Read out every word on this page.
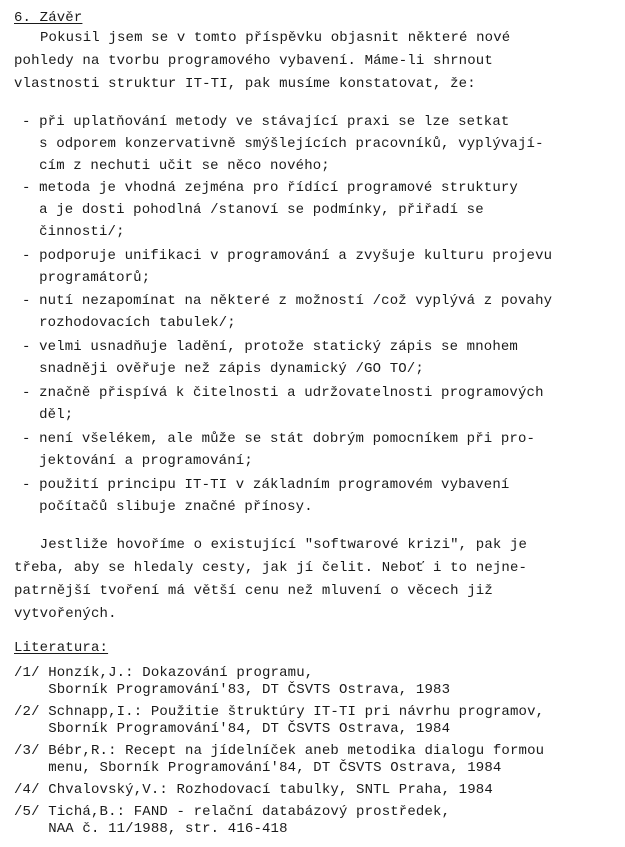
6. Závěr
Pokusil jsem se v tomto příspěvku objasnit některé nové
pohledy na tvorbu programového vybavení. Máme-li shrnout
vlastnosti struktur IT-TI, pak musíme konstatovat, že:
- při uplatňování metody ve stávající praxi se lze setkat
s odporem konzervativně smýšlejících pracovníků, vyplývají-
cím z nechuti učit se něco nového;
- metoda je vhodná zejména pro řídící programové struktury
a je dosti pohodlná /stanoví se podmínky, přiřadí se
činnosti/;
- podporuje unifikaci v programování a zvyšuje kulturu projevu
programátorů;
- nutí nezapomínat na některé z možností /což vyplývá z povahy
rozhodovacích tabulek/;
- velmi usnadňuje ladění, protože statický zápis se mnohem
snadněji ověřuje než zápis dynamický /GO TO/;
- značně přispívá k čitelnosti a udržovatelnosti programových
děl;
- není všelékem, ale může se stát dobrým pomocníkem při pro-
jektování a programování;
- použití principu IT-TI v základním programovém vybavení
počítačů slibuje značné přínosy.
Jestliže hovoříme o existující "softwarové krizi", pak je
třeba, aby se hledaly cesty, jak jí čelit. Neboť i to nejne-
patrnější tvoření má větší cenu než mluvení o věcech již
vytvořených.
Literatura:
/1/ Honzík,J.: Dokazování programu,
Sborník Programování'83, DT ČSVTS Ostrava, 1983
/2/ Schnapp,I.: Použitie štruktúry IT-TI pri návrhu programov,
Sborník Programování'84, DT ČSVTS Ostrava, 1984
/3/ Bébr,R.: Recept na jídelníček aneb metodika dialogu formou
menu, Sborník Programování'84, DT ČSVTS Ostrava, 1984
/4/ Chvalovský,V.: Rozhodovací tabulky, SNTL Praha, 1984
/5/ Tichá,B.: FAND - relační databázový prostředek,
NAA č. 11/1988, str. 416-418
